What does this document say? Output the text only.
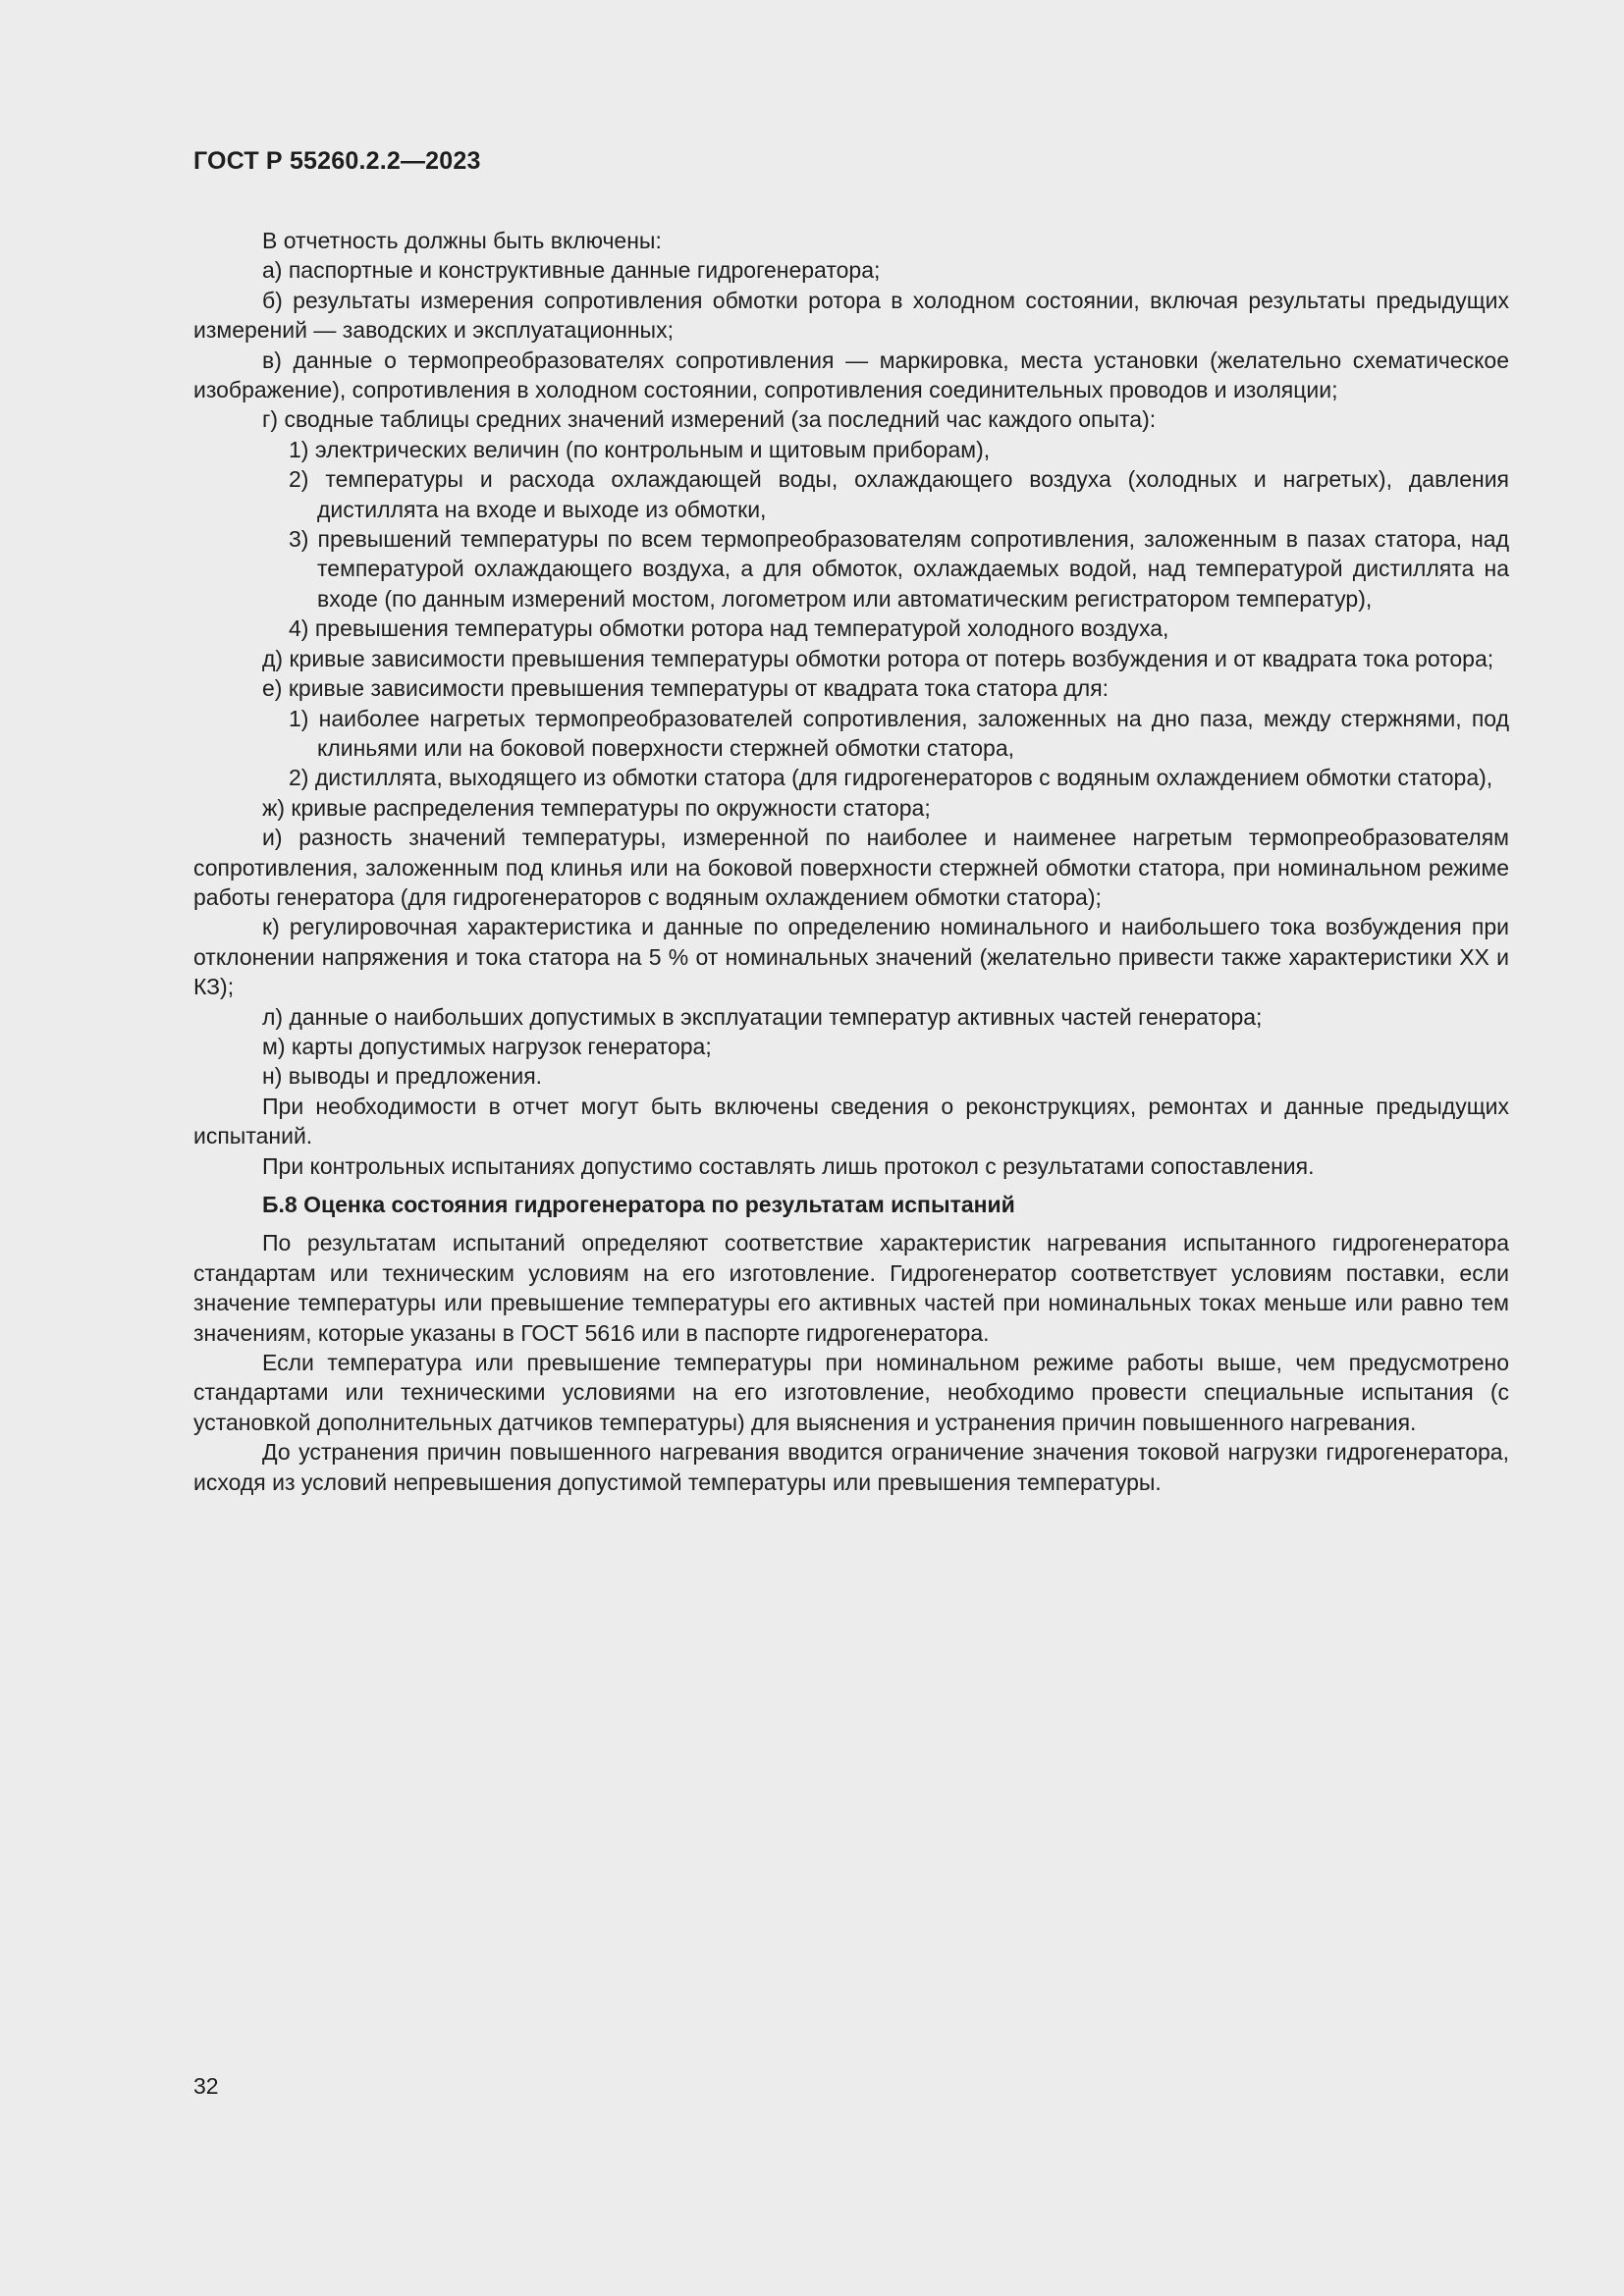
ГОСТ Р 55260.2.2—2023

В отчетность должны быть включены:

а) паспортные и конструктивные данные гидрогенератора;

б) результаты измерения сопротивления обмотки ротора в холодном состоянии, включая результаты предыдущих измерений — заводских и эксплуатационных;

в) данные о термопреобразователях сопротивления — маркировка, места установки (желательно схематическое изображение), сопротивления в холодном состоянии, сопротивления соединительных проводов и изоляции;

г) сводные таблицы средних значений измерений (за последний час каждого опыта):

1) электрических величин (по контрольным и щитовым приборам),

2) температуры и расхода охлаждающей воды, охлаждающего воздуха (холодных и нагретых), давления дистиллята на входе и выходе из обмотки,

3) превышений температуры по всем термопреобразователям сопротивления, заложенным в пазах статора, над температурой охлаждающего воздуха, а для обмоток, охлаждаемых водой, над температурой дистиллята на входе (по данным измерений мостом, логометром или автоматическим регистратором температур),

4) превышения температуры обмотки ротора над температурой холодного воздуха,

д) кривые зависимости превышения температуры обмотки ротора от потерь возбуждения и от квадрата тока ротора;

е) кривые зависимости превышения температуры от квадрата тока статора для:

1) наиболее нагретых термопреобразователей сопротивления, заложенных на дно паза, между стержнями, под клиньями или на боковой поверхности стержней обмотки статора,

2) дистиллята, выходящего из обмотки статора (для гидрогенераторов с водяным охлаждением обмотки статора),

ж) кривые распределения температуры по окружности статора;

и) разность значений температуры, измеренной по наиболее и наименее нагретым термопреобразователям сопротивления, заложенным под клинья или на боковой поверхности стержней обмотки статора, при номинальном режиме работы генератора (для гидрогенераторов с водяным охлаждением обмотки статора);

к) регулировочная характеристика и данные по определению номинального и наибольшего тока возбуждения при отклонении напряжения и тока статора на 5 % от номинальных значений (желательно привести также характеристики ХХ и КЗ);

л) данные о наибольших допустимых в эксплуатации температур активных частей генератора;

м) карты допустимых нагрузок генератора;

н) выводы и предложения.

При необходимости в отчет могут быть включены сведения о реконструкциях, ремонтах и данные предыдущих испытаний.

При контрольных испытаниях допустимо составлять лишь протокол с результатами сопоставления.

Б.8 Оценка состояния гидрогенератора по результатам испытаний

По результатам испытаний определяют соответствие характеристик нагревания испытанного гидрогенератора стандартам или техническим условиям на его изготовление. Гидрогенератор соответствует условиям поставки, если значение температуры или превышение температуры его активных частей при номинальных токах меньше или равно тем значениям, которые указаны в ГОСТ 5616 или в паспорте гидрогенератора.

Если температура или превышение температуры при номинальном режиме работы выше, чем предусмотрено стандартами или техническими условиями на его изготовление, необходимо провести специальные испытания (с установкой дополнительных датчиков температуры) для выяснения и устранения причин повышенного нагревания.

До устранения причин повышенного нагревания вводится ограничение значения токовой нагрузки гидрогенератора, исходя из условий непревышения допустимой температуры или превышения температуры.

32
